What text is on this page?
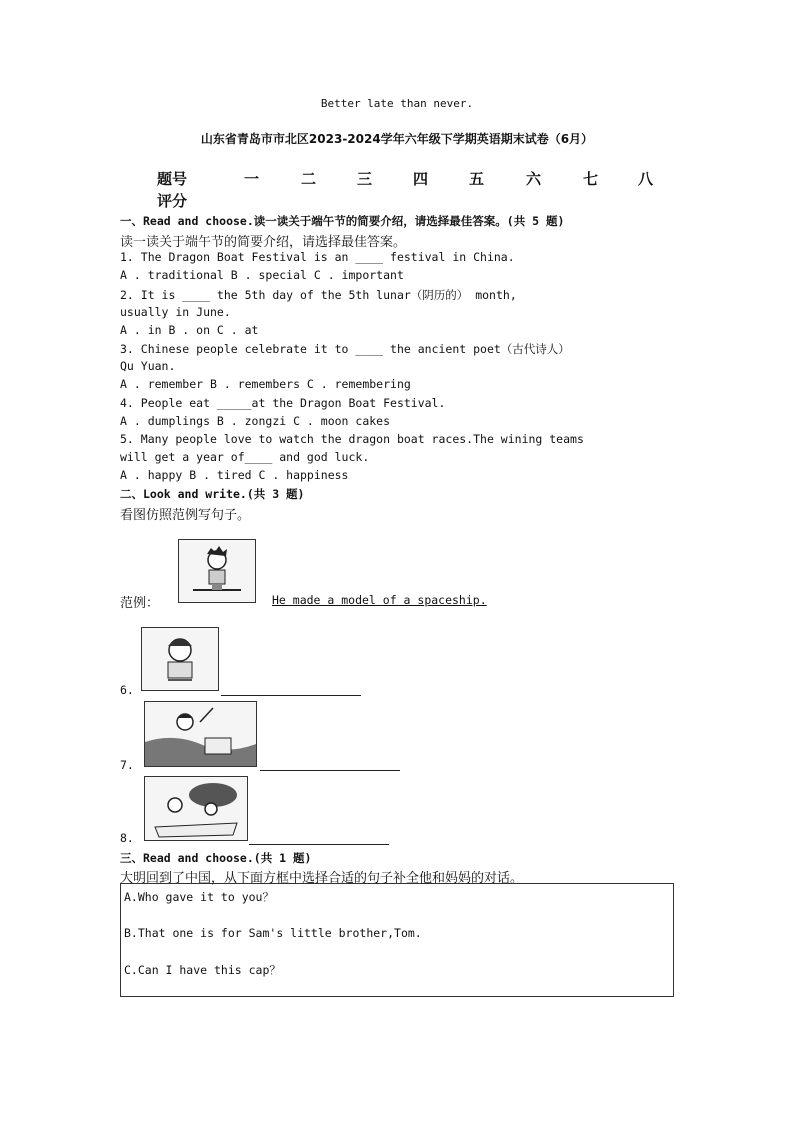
Better late than never.
山东省青岛市市北区2023-2024学年六年级下学期英语期末试卷（6月）
题号	一	二	三	四	五	六	七	八
评分
一、Read and choose.读一读关于端午节的简要介绍，请选择最佳答案。(共 5 题)
读一读关于端午节的简要介绍，请选择最佳答案。
1. The Dragon Boat Festival is an ____ festival in China.
A . traditional B . special C . important
2. It is ____ the 5th day of the 5th lunar（阴历的） month,
usually in June.
A . in B . on C . at
3. Chinese people celebrate it to ____ the ancient poet（古代诗人）
Qu Yuan.
A . remember B . remembers C . remembering
4. People eat _____at the Dragon Boat Festival.
A . dumplings B . zongzi C . moon cakes
5. Many people love to watch the dragon boat races.The wining teams
will get a year of____ and god luck.
A . happy B . tired C . happiness
二、Look and write.(共 3 题)
看图仿照范例写句子。
范例：	He made a model of a spaceship.
6.
7.
8.
三、Read and choose.(共 1 题)
大明回到了中国，从下面方框中选择合适的句子补全他和妈妈的对话。
A.Who gave it to you？
B.That one is for Sam's little brother,Tom.
C.Can I have this cap？
